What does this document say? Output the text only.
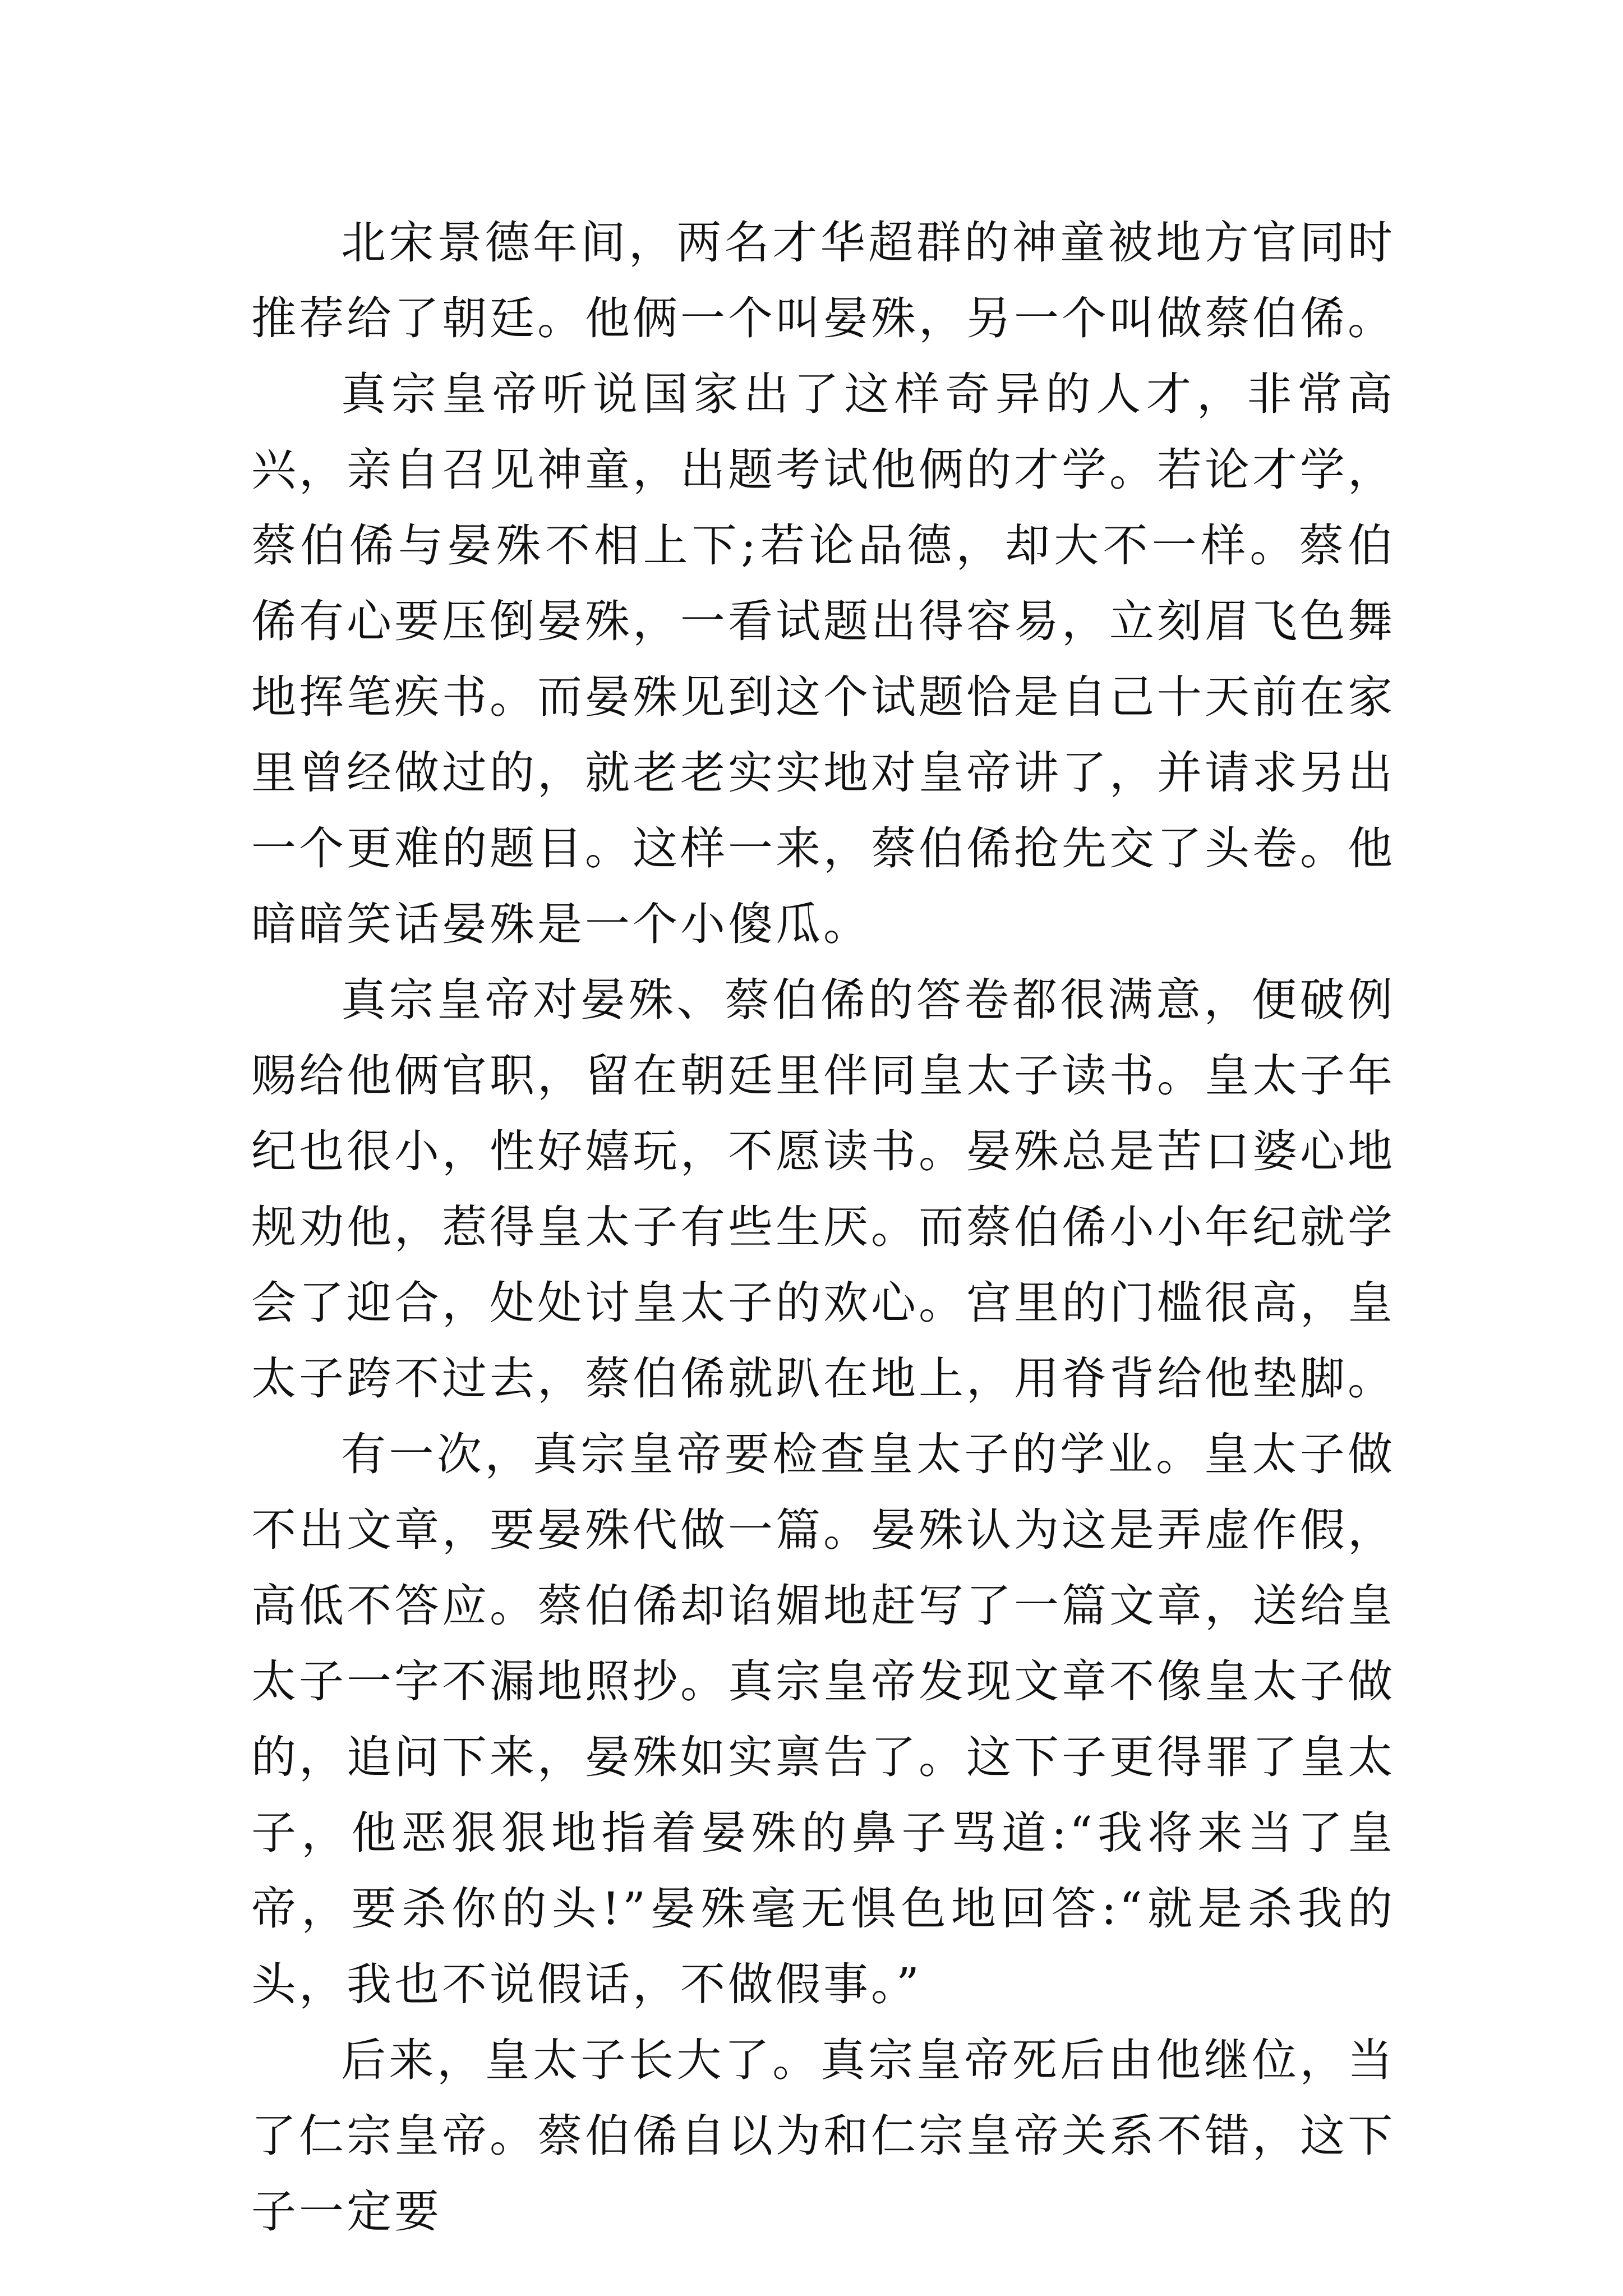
北宋景德年间，两名才华超群的神童被地方官同时推荐给了朝廷。他俩一个叫晏殊，另一个叫做蔡伯俙。

真宗皇帝听说国家出了这样奇异的人才，非常高兴，亲自召见神童，出题考试他俩的才学。若论才学，蔡伯俙与晏殊不相上下;若论品德，却大不一样。蔡伯俙有心要压倒晏殊，一看试题出得容易，立刻眉飞色舞地挥笔疾书。而晏殊见到这个试题恰是自己十天前在家里曾经做过的，就老老实实地对皇帝讲了，并请求另出一个更难的题目。这样一来，蔡伯俙抢先交了头卷。他暗暗笑话晏殊是一个小傻瓜。

真宗皇帝对晏殊、蔡伯俙的答卷都很满意，便破例赐给他俩官职，留在朝廷里伴同皇太子读书。皇太子年纪也很小，性好嬉玩，不愿读书。晏殊总是苦口婆心地规劝他，惹得皇太子有些生厌。而蔡伯俙小小年纪就学会了迎合，处处讨皇太子的欢心。宫里的门槛很高，皇太子跨不过去，蔡伯俙就趴在地上，用脊背给他垫脚。

有一次，真宗皇帝要检查皇太子的学业。皇太子做不出文章，要晏殊代做一篇。晏殊认为这是弄虚作假，高低不答应。蔡伯俙却谄媚地赶写了一篇文章，送给皇太子一字不漏地照抄。真宗皇帝发现文章不像皇太子做的，追问下来，晏殊如实禀告了。这下子更得罪了皇太子，他恶狠狠地指着晏殊的鼻子骂道:“我将来当了皇帝，要杀你的头!”晏殊毫无惧色地回答:“就是杀我的头，我也不说假话，不做假事。”

后来，皇太子长大了。真宗皇帝死后由他继位，当了仁宗皇帝。蔡伯俙自以为和仁宗皇帝关系不错，这下子一定要
